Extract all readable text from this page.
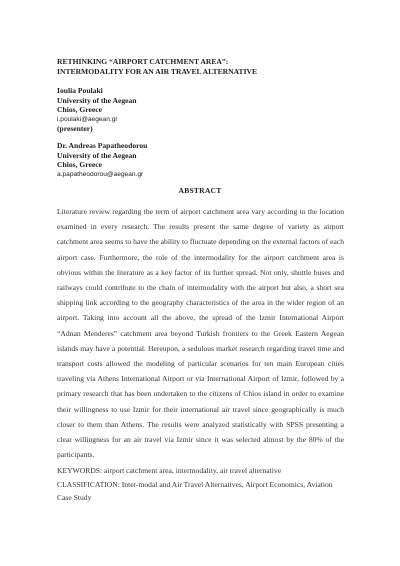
RETHINKING “AIRPORT CATCHMENT AREA”:
INTERMODALITY FOR AN AIR TRAVEL ALTERNATIVE
Ioulia Poulaki
University of the Aegean
Chios, Greece
i.poulaki@aegean.gr
(presenter)
Dr. Andreas Papatheodorou
University of the Aegean
Chios, Greece
a.papatheodorou@aegean.gr
ABSTRACT
Literature review regarding the term of airport catchment area vary according to the location examined in every research. The results present the same degree of variety as airport catchment area seems to have the ability to fluctuate depending on the external factors of each airport case. Furthermore, the role of the intermodality for the airport catchment area is obvious within the literature as a key factor of its further spread. Not only, shuttle buses and railways could contribute to the chain of intermodality with the airport but also, a short sea shipping link according to the geography characteristics of the area in the wider region of an airport. Taking into account all the above, the spread of the Izmir International Airport “Adnan Menderes” catchment area beyond Turkish frontiers to the Greek Eastern Aegean islands may have a potential. Hereupon, a sedulous market research regarding travel time and transport costs allowed the modeling of particular scenarios for ten main European cities traveling via Athens International Airport or via International Airport of Izmir, followed by a primary research that has been undertaken to the citizens of Chios island in order to examine their willingness to use Izmir for their international air travel since geographically is much closer to them than Athens. The results were analyzed statistically with SPSS presenting a clear willingness for an air travel via Izmir since it was selected almost by the 80% of the participants.

KEYWORDS: airport catchment area, intermodality, air travel alternative

CLASSIFICATION: Inter-modal and Air Travel Alternatives, Airport Economics, Aviation Case Study
